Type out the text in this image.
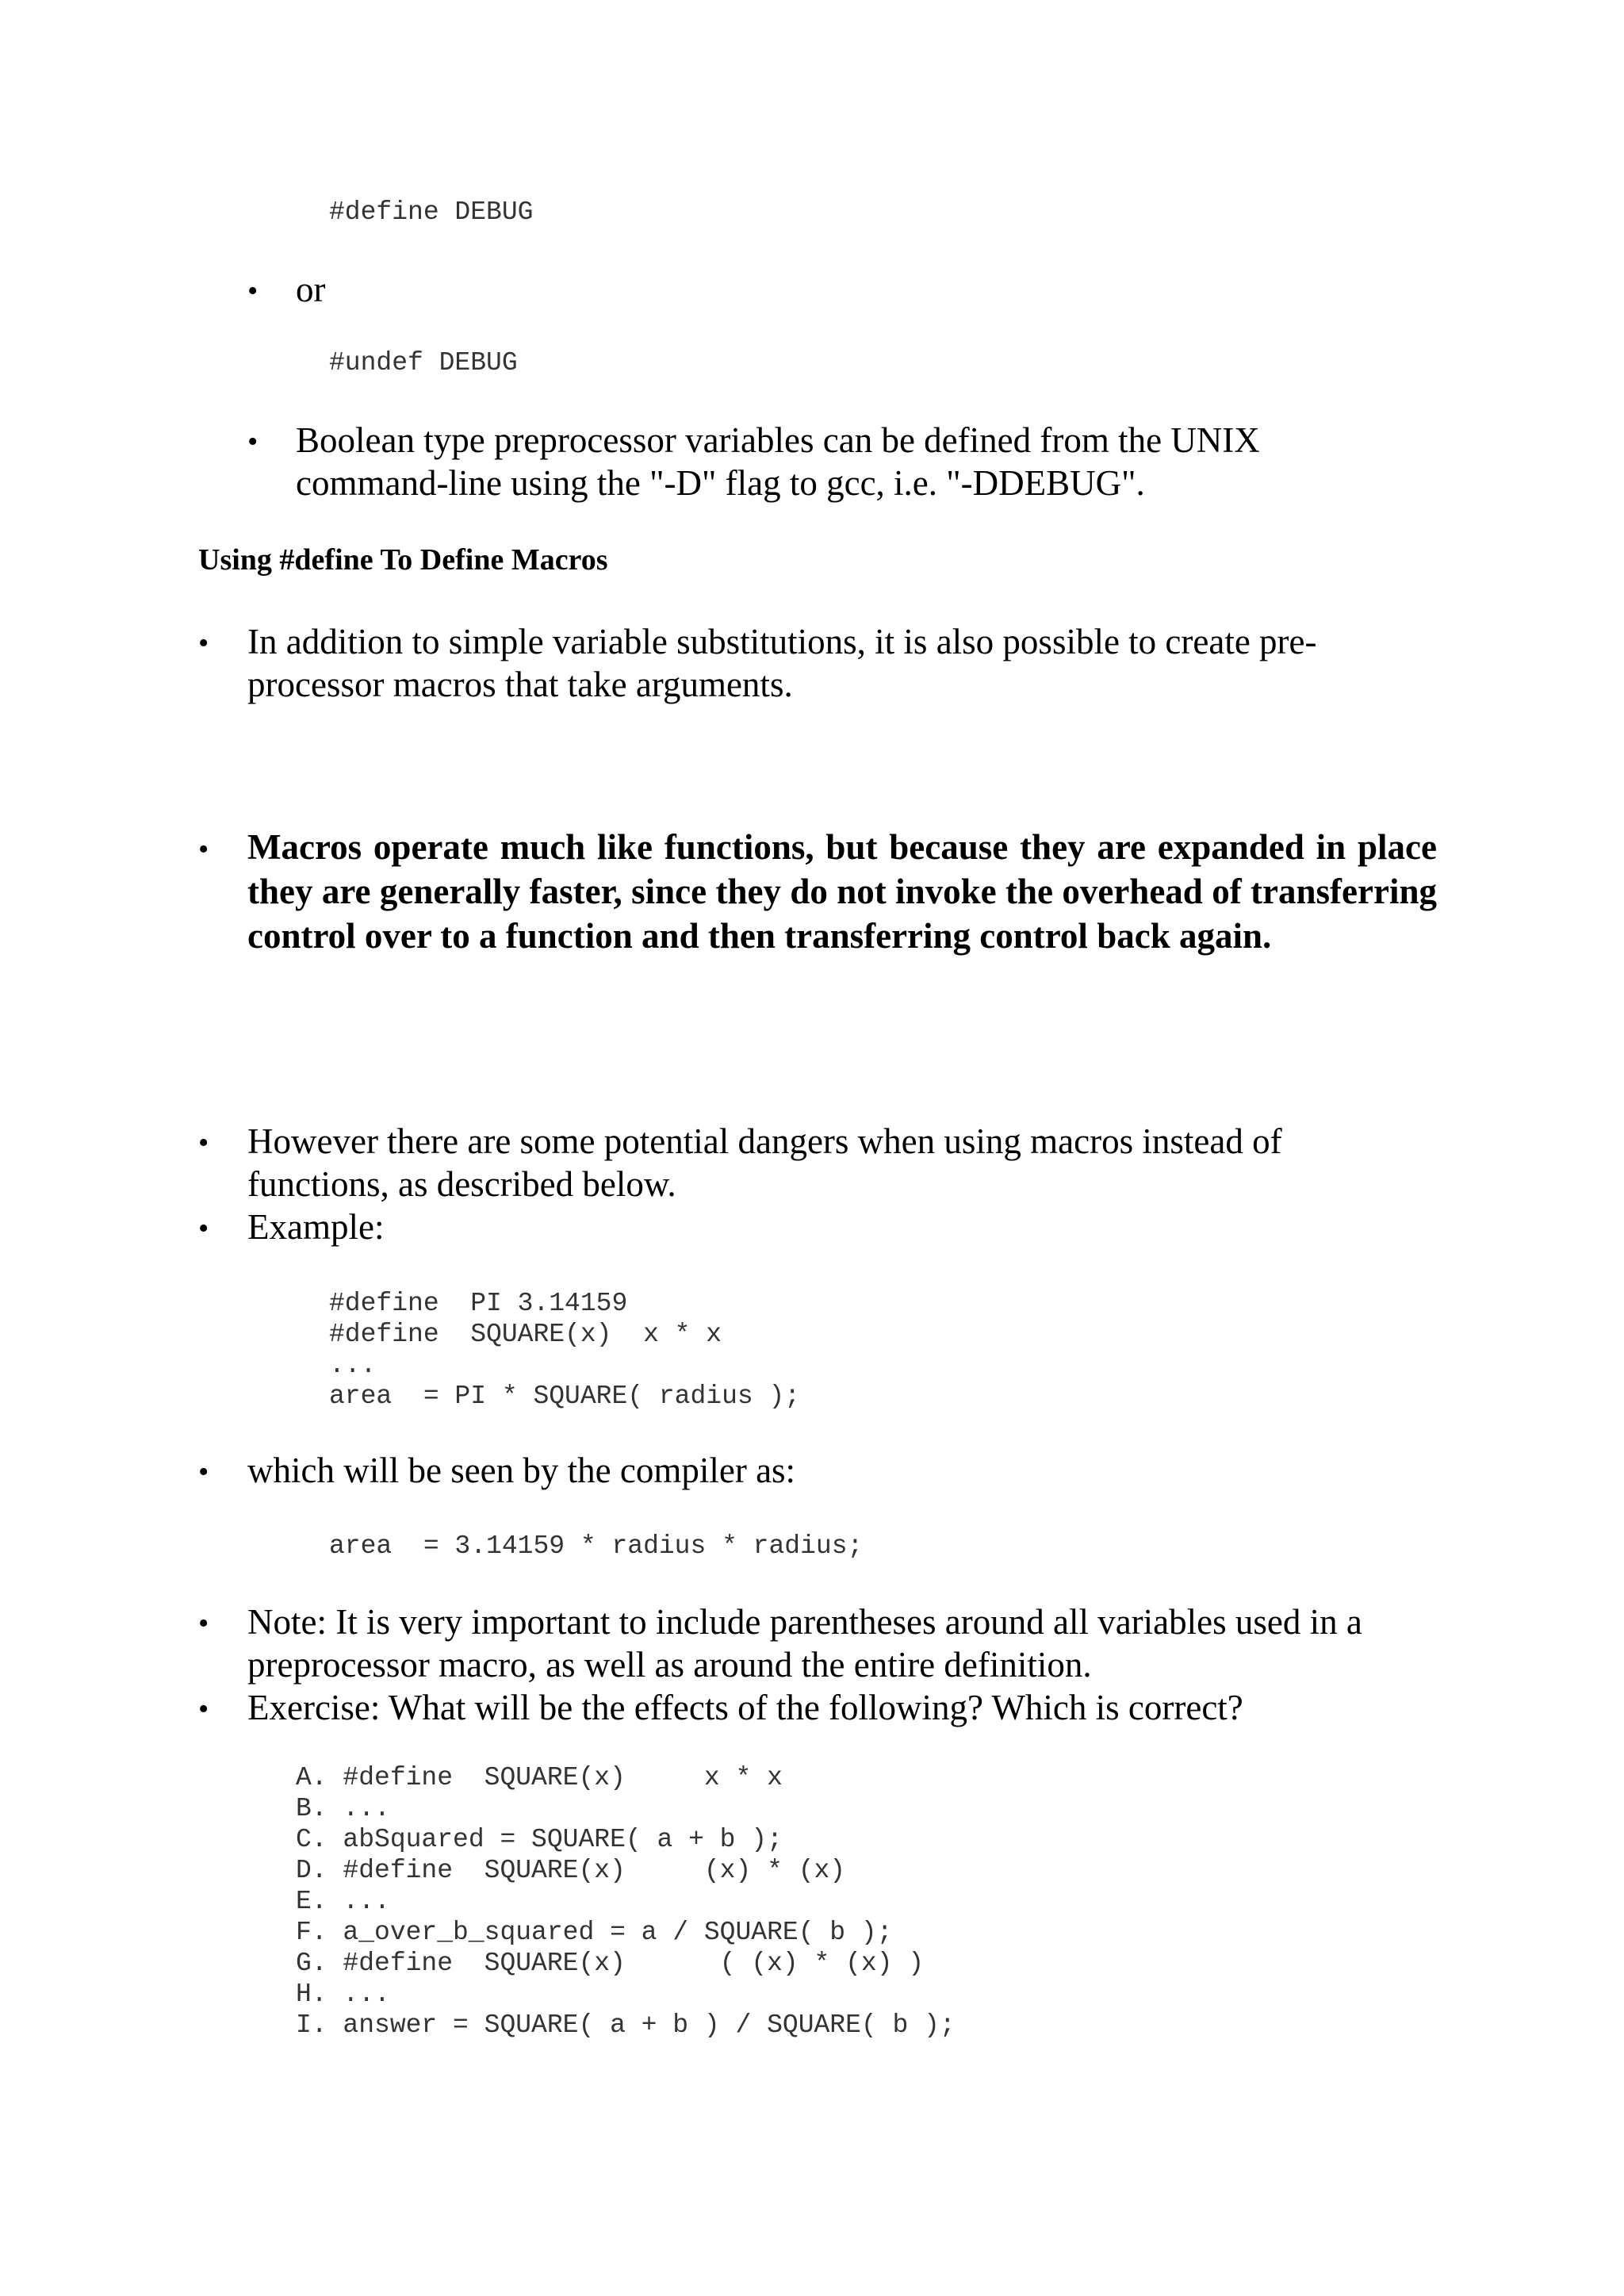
#define DEBUG
• or

#undef DEBUG
• Boolean type preprocessor variables can be defined from the UNIX command-line using the "-D" flag to gcc, i.e. "-DDEBUG".

Using #define To Define Macros
• In addition to simple variable substitutions, it is also possible to create pre-processor macros that take arguments.

• Macros operate much like functions, but because they are expanded in place they are generally faster, since they do not invoke the overhead of transferring control over to a function and then transferring control back again.

• However there are some potential dangers when using macros instead of functions, as described below.

• Example:

#define  PI 3.14159
#define  SQUARE(x)  x * x
...
area  = PI * SQUARE( radius );
• which will be seen by the compiler as:

area  = 3.14159 * radius * radius;
• Note: It is very important to include parentheses around all variables used in a preprocessor macro, as well as around the entire definition.

• Exercise: What will be the effects of the following? Which is correct?

A. #define  SQUARE(x)     x * x
B. ...
C. abSquared = SQUARE( a + b );
D. #define  SQUARE(x)     (x) * (x)
E. ...
F. a_over_b_squared = a / SQUARE( b );
G. #define  SQUARE(x)      ( (x) * (x) )
H. ...
I. answer = SQUARE( a + b ) / SQUARE( b );
